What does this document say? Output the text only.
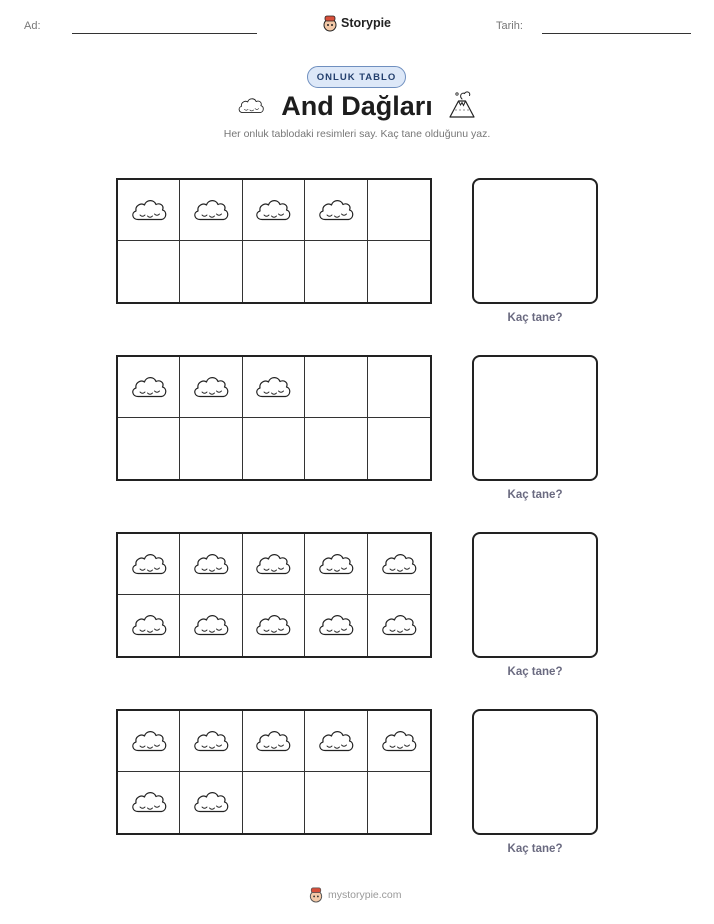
Ad:	Storypie	Tarih:
ONLUK TABLO
And Dağları
Her onluk tablodaki resimleri say. Kaç tane olduğunu yaz.
Kaç tane?
Kaç tane?
Kaç tane?
Kaç tane?
mystorypie.com
